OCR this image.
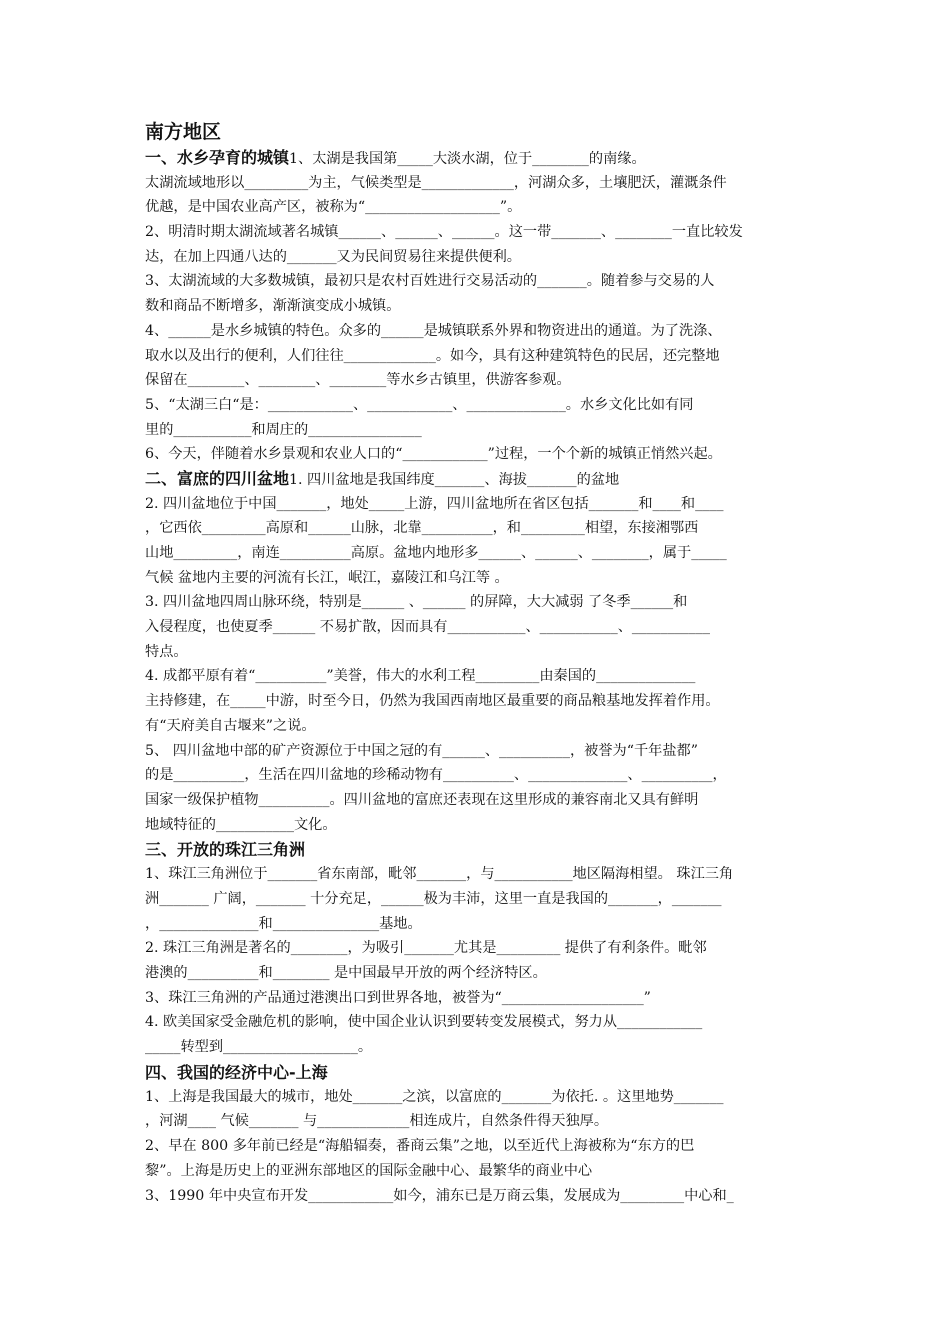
南方地区
一、水乡孕育的城镇1、太湖是我国第_____大淡水湖，位于________的南缘。
太湖流域地形以_________为主，气候类型是_____________，河湖众多，土壤肥沃，灌溉条件
优越，是中国农业高产区，被称为“___________________”。
2、明清时期太湖流域著名城镇______、______、______。这一带_______、________一直比较发
达，在加上四通八达的_______又为民间贸易往来提供便利。
3、太湖流域的大多数城镇，最初只是农村百姓进行交易活动的_______。随着参与交易的人
数和商品不断增多，渐渐演变成小城镇。
4、______是水乡城镇的特色。众多的______是城镇联系外界和物资进出的通道。为了洗涤、
取水以及出行的便利，人们往往_____________。如今，具有这种建筑特色的民居，还完整地
保留在________、________、________等水乡古镇里，供游客参观。
5、“太湖三白“是：____________、____________、______________。水乡文化比如有同
里的___________和周庄的________________
6、今天，伴随着水乡景观和农业人口的“____________”过程，一个个新的城镇正悄然兴起。
二、富庶的四川盆地1. 四川盆地是我国纬度_______、海拔_______的盆地
2. 四川盆地位于中国_______，地处_____上游，四川盆地所在省区包括_______和____和____
，它西依_________高原和______山脉，北靠__________，和_________相望，东接湘鄂西
山地_________，南连__________高原。盆地内地形多______、______、________，属于_____
气候 盆地内主要的河流有长江，岷江，嘉陵江和乌江等 。
3. 四川盆地四周山脉环绕，特别是______ 、______ 的屏障，大大减弱 了冬季______和
入侵程度，也使夏季______ 不易扩散，因而具有___________、___________、___________
特点。
4. 成都平原有着“__________”美誉，伟大的水利工程_________由秦国的______________
主持修建，在_____中游，时至今日，仍然为我国西南地区最重要的商品粮基地发挥着作用。
有“天府美自古堰来”之说。
5、 四川盆地中部的矿产资源位于中国之冠的有______、__________，被誉为“千年盐都”
的是__________，生活在四川盆地的珍稀动物有__________、______________、__________，
国家一级保护植物__________。四川盆地的富庶还表现在这里形成的兼容南北又具有鲜明
地域特征的___________文化。
三、开放的珠江三角洲
1、珠江三角洲位于_______省东南部，毗邻_______，与___________地区隔海相望。 珠江三角
洲_______ 广阔，_______ 十分充足，______极为丰沛，这里一直是我国的_______，_______
，______________和_______________基地。
2. 珠江三角洲是著名的________，为吸引_______尤其是_________ 提供了有利条件。毗邻
港澳的__________和________ 是中国最早开放的两个经济特区。
3、珠江三角洲的产品通过港澳出口到世界各地，被誉为“____________________”
4. 欧美国家受金融危机的影响，使中国企业认识到要转变发展模式，努力从____________
_____转型到___________________。
四、我国的经济中心-上海
1、上海是我国最大的城市，地处_______之滨，以富庶的_______为依托. 。这里地势_______
，河湖____ 气候_______ 与_____________相连成片，自然条件得天独厚。
2、早在 800 多年前已经是“海船辐奏，番商云集”之地，以至近代上海被称为“东方的巴
黎”。上海是历史上的亚洲东部地区的国际金融中心、最繁华的商业中心
3、1990 年中央宣布开发____________如今，浦东已是万商云集，发展成为_________中心和_
